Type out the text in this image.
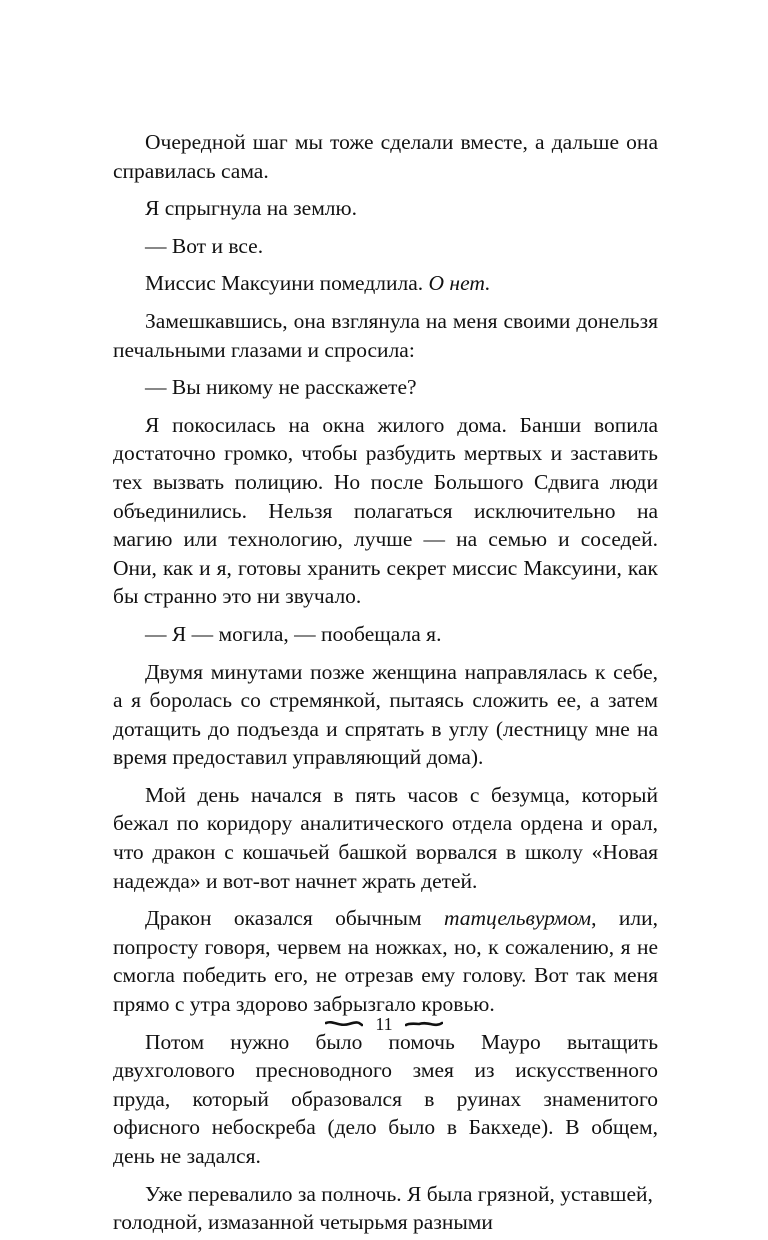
Очередной шаг мы тоже сделали вместе, а дальше она справилась сама.

Я спрыгнула на землю.

— Вот и все.

Миссис Максуини помедлила. О нет.

Замешкавшись, она взглянула на меня своими донельзя печальными глазами и спросила:

— Вы никому не расскажете?

Я покосилась на окна жилого дома. Банши вопила достаточно громко, чтобы разбудить мертвых и заставить тех вызвать полицию. Но после Большого Сдвига люди объединились. Нельзя полагаться исключительно на магию или технологию, лучше — на семью и соседей. Они, как и я, готовы хранить секрет миссис Максуини, как бы странно это ни звучало.

— Я — могила, — пообещала я.

Двумя минутами позже женщина направлялась к себе, а я боролась со стремянкой, пытаясь сложить ее, а затем дотащить до подъезда и спрятать в углу (лестницу мне на время предоставил управляющий дома).

Мой день начался в пять часов с безумца, который бежал по коридору аналитического отдела ордена и орал, что дракон с кошачьей башкой ворвался в школу «Новая надежда» и вот-вот начнет жрать детей.

Дракон оказался обычным татцельвурмом, или, попросту говоря, червем на ножках, но, к сожалению, я не смогла победить его, не отрезав ему голову. Вот так меня прямо с утра здорово забрызгало кровью.

Потом нужно было помочь Мауро вытащить двухголового пресноводного змея из искусственного пруда, который образовался в руинах знаменитого офисного небоскреба (дело было в Бакхеде). В общем, день не задался.

Уже перевалило за полночь. Я была грязной, уставшей, голодной, измазанной четырьмя разными

11
